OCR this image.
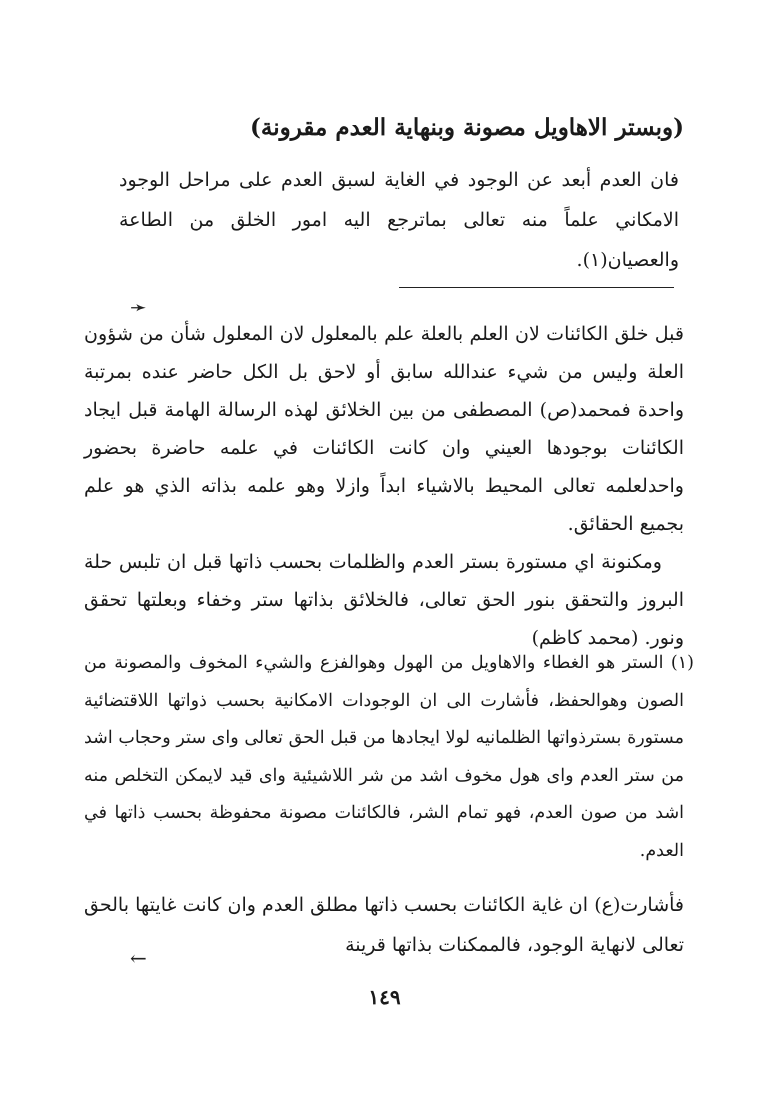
(وبستر الاهاويل مصونة وبنهاية العدم مقرونة)

فان العدم أبعد عن الوجود في الغاية لسبق العدم على مراحل الوجود الامكاني علماً منه تعالى بماترجع اليه امور الخلق من الطاعة والعصيان(١).

➛

قبل خلق الكائنات لان العلم بالعلة علم بالمعلول لان المعلول شأن من شؤون العلة وليس من شيء عندالله سابق أو لاحق بل الكل حاضر عنده بمرتبة واحدة فمحمد(ص) المصطفى من بين الخلائق لهذه الرسالة الهامة قبل ايجاد الكائنات بوجودها العيني وان كانت الكائنات في علمه حاضرة بحضور واحدلعلمه تعالى المحيط بالاشياء ابداً وازلا وهو علمه بذاته الذي هو علم بجميع الحقائق.

ومكنونة اي مستورة بستر العدم والظلمات بحسب ذاتها قبل ان تلبس حلة البروز والتحقق بنور الحق تعالى، فالخلائق بذاتها ستر وخفاء وبعلتها تحقق ونور. (محمد كاظم)

(١) الستر هو الغطاء والاهاويل من الهول وهوالفزع والشيء المخوف والمصونة من الصون وهوالحفظ، فأشارت الى ان الوجودات الامكانية بحسب ذواتها اللاقتضائية مستورة بسترذواتها الظلمانيه لولا ايجادها من قبل الحق تعالى واى ستر وحجاب اشد من ستر العدم واى هول مخوف اشد من شر اللاشيئية واى قيد لايمكن التخلص منه اشد من صون العدم، فهو تمام الشر، فالكائنات مصونة محفوظة بحسب ذاتها في العدم.

فأشارت(ع) ان غاية الكائنات بحسب ذاتها مطلق العدم وان كانت غايتها بالحق تعالى لانهاية الوجود، فالممكنات بذاتها قرينة

←
١٤٩
